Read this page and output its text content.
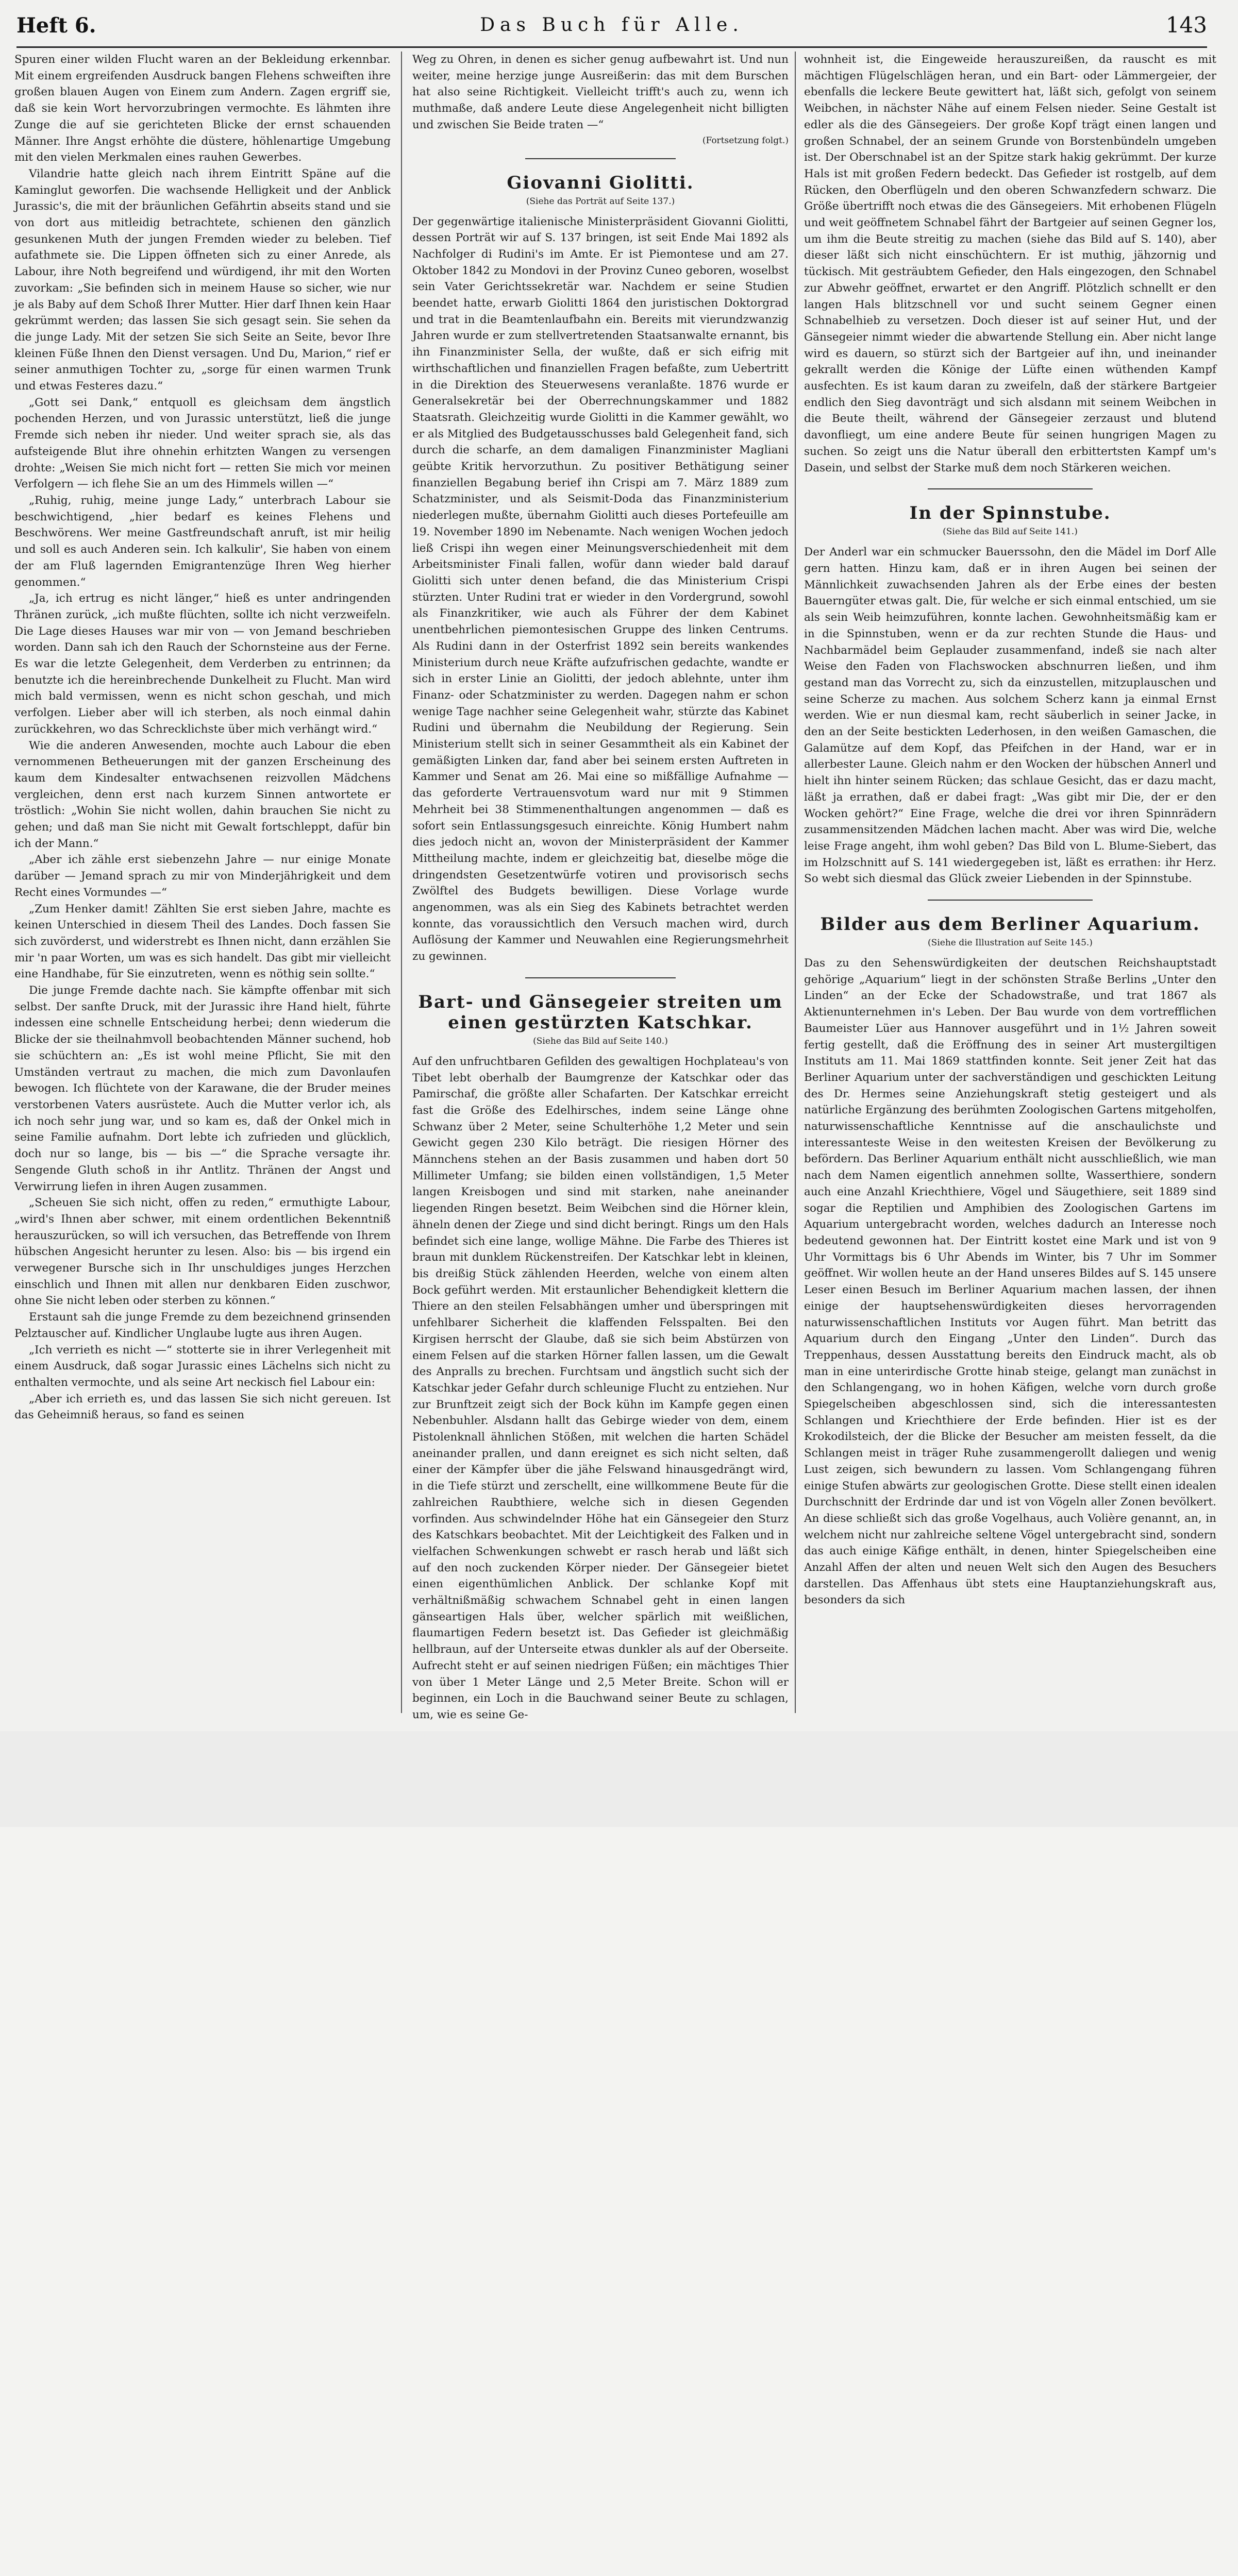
Heft 6.	Das Buch für Alle.	143

Spuren einer wilden Flucht waren an der Bekleidung erkennbar. Mit einem ergreifenden Ausdruck bangen Flehens schweiften ihre großen blauen Augen von Einem zum Andern. Zagen ergriff sie, daß sie kein Wort hervorzubringen vermochte. Es lähmten ihre Zunge die auf sie gerichteten Blicke der ernst schauenden Männer. Ihre Angst erhöhte die düstere, höhlenartige Umgebung mit den vielen Merkmalen eines rauhen Gewerbes.

Vilandrie hatte gleich nach ihrem Eintritt Späne auf die Kaminglut geworfen. Die wachsende Helligkeit und der Anblick Jurassic's, die mit der bräunlichen Gefährtin abseits stand und sie von dort aus mitleidig betrachtete, schienen den gänzlich gesunkenen Muth der jungen Fremden wieder zu beleben. Tief aufathmete sie. Die Lippen öffneten sich zu einer Anrede, als Labour, ihre Noth begreifend und würdigend, ihr mit den Worten zuvorkam: „Sie befinden sich in meinem Hause so sicher, wie nur je als Baby auf dem Schoß Ihrer Mutter. Hier darf Ihnen kein Haar gekrümmt werden; das lassen Sie sich gesagt sein. Sie sehen da die junge Lady. Mit der setzen Sie sich Seite an Seite, bevor Ihre kleinen Füße Ihnen den Dienst versagen. Und Du, Marion,“ rief er seiner anmuthigen Tochter zu, „sorge für einen warmen Trunk und etwas Festeres dazu.“

„Gott sei Dank,“ entquoll es gleichsam dem ängstlich pochenden Herzen, und von Jurassic unterstützt, ließ die junge Fremde sich neben ihr nieder. Und weiter sprach sie, als das aufsteigende Blut ihre ohnehin erhitzten Wangen zu versengen drohte: „Weisen Sie mich nicht fort — retten Sie mich vor meinen Verfolgern — ich flehe Sie an um des Himmels willen —“

„Ruhig, ruhig, meine junge Lady,“ unterbrach Labour sie beschwichtigend, „hier bedarf es keines Flehens und Beschwörens. Wer meine Gastfreundschaft anruft, ist mir heilig und soll es auch Anderen sein. Ich kalkulir', Sie haben von einem der am Fluß lagernden Emigrantenzüge Ihren Weg hierher genommen.“

„Ja, ich ertrug es nicht länger,“ hieß es unter andringenden Thränen zurück, „ich mußte flüchten, sollte ich nicht verzweifeln. Die Lage dieses Hauses war mir von — von Jemand beschrieben worden. Dann sah ich den Rauch der Schornsteine aus der Ferne. Es war die letzte Gelegenheit, dem Verderben zu entrinnen; da benutzte ich die hereinbrechende Dunkelheit zu Flucht. Man wird mich bald vermissen, wenn es nicht schon geschah, und mich verfolgen. Lieber aber will ich sterben, als noch einmal dahin zurückkehren, wo das Schrecklichste über mich verhängt wird.“

Wie die anderen Anwesenden, mochte auch Labour die eben vernommenen Betheuerungen mit der ganzen Erscheinung des kaum dem Kindesalter entwachsenen reizvollen Mädchens vergleichen, denn erst nach kurzem Sinnen antwortete er tröstlich: „Wohin Sie nicht wollen, dahin brauchen Sie nicht zu gehen; und daß man Sie nicht mit Gewalt fortschleppt, dafür bin ich der Mann.“

„Aber ich zähle erst siebenzehn Jahre — nur einige Monate darüber — Jemand sprach zu mir von Minderjährigkeit und dem Recht eines Vormundes —“

„Zum Henker damit! Zählten Sie erst sieben Jahre, machte es keinen Unterschied in diesem Theil des Landes. Doch fassen Sie sich zuvörderst, und widerstrebt es Ihnen nicht, dann erzählen Sie mir 'n paar Worten, um was es sich handelt. Das gibt mir vielleicht eine Handhabe, für Sie einzutreten, wenn es nöthig sein sollte.“

Die junge Fremde dachte nach. Sie kämpfte offenbar mit sich selbst. Der sanfte Druck, mit der Jurassic ihre Hand hielt, führte indessen eine schnelle Entscheidung herbei; denn wiederum die Blicke der sie theilnahmvoll beobachtenden Männer suchend, hob sie schüchtern an: „Es ist wohl meine Pflicht, Sie mit den Umständen vertraut zu machen, die mich zum Davonlaufen bewogen. Ich flüchtete von der Karawane, die der Bruder meines verstorbenen Vaters ausrüstete. Auch die Mutter verlor ich, als ich noch sehr jung war, und so kam es, daß der Onkel mich in seine Familie aufnahm. Dort lebte ich zufrieden und glücklich, doch nur so lange, bis — bis —“ die Sprache versagte ihr. Sengende Gluth schoß in ihr Antlitz. Thränen der Angst und Verwirrung liefen in ihren Augen zusammen.

„Scheuen Sie sich nicht, offen zu reden,“ ermuthigte Labour, „wird's Ihnen aber schwer, mit einem ordentlichen Bekenntniß herauszurücken, so will ich versuchen, das Betreffende von Ihrem hübschen Angesicht herunter zu lesen. Also: bis — bis irgend ein verwegener Bursche sich in Ihr unschuldiges junges Herzchen einschlich und Ihnen mit allen nur denkbaren Eiden zuschwor, ohne Sie nicht leben oder sterben zu können.“

Erstaunt sah die junge Fremde zu dem bezeichnend grinsenden Pelztauscher auf. Kindlicher Unglaube lugte aus ihren Augen.

„Ich verrieth es nicht —“ stotterte sie in ihrer Verlegenheit mit einem Ausdruck, daß sogar Jurassic eines Lächelns sich nicht zu enthalten vermochte, und als seine Art neckisch fiel Labour ein:

„Aber ich errieth es, und das lassen Sie sich nicht gereuen. Ist das Geheimniß heraus, so fand es seinen

Weg zu Ohren, in denen es sicher genug aufbewahrt ist. Und nun weiter, meine herzige junge Ausreißerin: das mit dem Burschen hat also seine Richtigkeit. Vielleicht trifft's auch zu, wenn ich muthmaße, daß andere Leute diese Angelegenheit nicht billigten und zwischen Sie Beide traten —“

(Fortsetzung folgt.)
Giovanni Giolitti.
(Siehe das Porträt auf Seite 137.)

Der gegenwärtige italienische Ministerpräsident Giovanni Giolitti, dessen Porträt wir auf S. 137 bringen, ist seit Ende Mai 1892 als Nachfolger di Rudini's im Amte. Er ist Piemontese und am 27. Oktober 1842 zu Mondovi in der Provinz Cuneo geboren, woselbst sein Vater Gerichtssekretär war. Nachdem er seine Studien beendet hatte, erwarb Giolitti 1864 den juristischen Doktorgrad und trat in die Beamtenlaufbahn ein. Bereits mit vierundzwanzig Jahren wurde er zum stellvertretenden Staatsanwalte ernannt, bis ihn Finanzminister Sella, der wußte, daß er sich eifrig mit wirthschaftlichen und finanziellen Fragen befaßte, zum Uebertritt in die Direktion des Steuerwesens veranlaßte. 1876 wurde er Generalsekretär bei der Oberrechnungskammer und 1882 Staatsrath. Gleichzeitig wurde Giolitti in die Kammer gewählt, wo er als Mitglied des Budgetausschusses bald Gelegenheit fand, sich durch die scharfe, an dem damaligen Finanzminister Magliani geübte Kritik hervorzuthun. Zu positiver Bethätigung seiner finanziellen Begabung berief ihn Crispi am 7. März 1889 zum Schatzminister, und als Seismit-Doda das Finanzministerium niederlegen mußte, übernahm Giolitti auch dieses Portefeuille am 19. November 1890 im Nebenamte. Nach wenigen Wochen jedoch ließ Crispi ihn wegen einer Meinungsverschiedenheit mit dem Arbeitsminister Finali fallen, wofür dann wieder bald darauf Giolitti sich unter denen befand, die das Ministerium Crispi stürzten. Unter Rudini trat er wieder in den Vordergrund, sowohl als Finanzkritiker, wie auch als Führer der dem Kabinet unentbehrlichen piemontesischen Gruppe des linken Centrums. Als Rudini dann in der Osterfrist 1892 sein bereits wankendes Ministerium durch neue Kräfte aufzufrischen gedachte, wandte er sich in erster Linie an Giolitti, der jedoch ablehnte, unter ihm Finanz- oder Schatzminister zu werden. Dagegen nahm er schon wenige Tage nachher seine Gelegenheit wahr, stürzte das Kabinet Rudini und übernahm die Neubildung der Regierung. Sein Ministerium stellt sich in seiner Gesammtheit als ein Kabinet der gemäßigten Linken dar, fand aber bei seinem ersten Auftreten in Kammer und Senat am 26. Mai eine so mißfällige Aufnahme — das geforderte Vertrauensvotum ward nur mit 9 Stimmen Mehrheit bei 38 Stimmenenthaltungen angenommen — daß es sofort sein Entlassungsgesuch einreichte. König Humbert nahm dies jedoch nicht an, wovon der Ministerpräsident der Kammer Mittheilung machte, indem er gleichzeitig bat, dieselbe möge die dringendsten Gesetzentwürfe votiren und provisorisch sechs Zwölftel des Budgets bewilligen. Diese Vorlage wurde angenommen, was als ein Sieg des Kabinets betrachtet werden konnte, das voraussichtlich den Versuch machen wird, durch Auflösung der Kammer und Neuwahlen eine Regierungsmehrheit zu gewinnen.

Bart- und Gänsegeier streiten um einen gestürzten Katschkar.
(Siehe das Bild auf Seite 140.)

Auf den unfruchtbaren Gefilden des gewaltigen Hochplateau's von Tibet lebt oberhalb der Baumgrenze der Katschkar oder das Pamirschaf, die größte aller Schafarten. Der Katschkar erreicht fast die Größe des Edelhirsches, indem seine Länge ohne Schwanz über 2 Meter, seine Schulterhöhe 1,2 Meter und sein Gewicht gegen 230 Kilo beträgt. Die riesigen Hörner des Männchens stehen an der Basis zusammen und haben dort 50 Millimeter Umfang; sie bilden einen vollständigen, 1,5 Meter langen Kreisbogen und sind mit starken, nahe aneinander liegenden Ringen besetzt. Beim Weibchen sind die Hörner klein, ähneln denen der Ziege und sind dicht beringt. Rings um den Hals befindet sich eine lange, wollige Mähne. Die Farbe des Thieres ist braun mit dunklem Rückenstreifen. Der Katschkar lebt in kleinen, bis dreißig Stück zählenden Heerden, welche von einem alten Bock geführt werden. Mit erstaunlicher Behendigkeit klettern die Thiere an den steilen Felsabhängen umher und überspringen mit unfehlbarer Sicherheit die klaffenden Felsspalten. Bei den Kirgisen herrscht der Glaube, daß sie sich beim Abstürzen von einem Felsen auf die starken Hörner fallen lassen, um die Gewalt des Anpralls zu brechen. Furchtsam und ängstlich sucht sich der Katschkar jeder Gefahr durch schleunige Flucht zu entziehen. Nur zur Brunftzeit zeigt sich der Bock kühn im Kampfe gegen einen Nebenbuhler. Alsdann hallt das Gebirge wieder von dem, einem Pistolenknall ähnlichen Stößen, mit welchen die harten Schädel aneinander prallen, und dann ereignet es sich nicht selten, daß einer der Kämpfer über die jähe Felswand hinausgedrängt wird, in die Tiefe stürzt und zerschellt, eine willkommene Beute für die zahlreichen Raubthiere, welche sich in diesen Gegenden vorfinden. Aus schwindelnder Höhe hat ein Gänsegeier den Sturz des Katschkars beobachtet. Mit der Leichtigkeit des Falken und in vielfachen Schwenkungen schwebt er rasch herab und läßt sich auf den noch zuckenden Körper nieder. Der Gänsegeier bietet einen eigenthümlichen Anblick. Der schlanke Kopf mit verhältnißmäßig schwachem Schnabel geht in einen langen gänseartigen Hals über, welcher spärlich mit weißlichen, flaumartigen Federn besetzt ist. Das Gefieder ist gleichmäßig hellbraun, auf der Unterseite etwas dunkler als auf der Oberseite. Aufrecht steht er auf seinen niedrigen Füßen; ein mächtiges Thier von über 1 Meter Länge und 2,5 Meter Breite. Schon will er beginnen, ein Loch in die Bauchwand seiner Beute zu schlagen, um, wie es seine Ge-

wohnheit ist, die Eingeweide herauszureißen, da rauscht es mit mächtigen Flügelschlägen heran, und ein Bart- oder Lämmergeier, der ebenfalls die leckere Beute gewittert hat, läßt sich, gefolgt von seinem Weibchen, in nächster Nähe auf einem Felsen nieder. Seine Gestalt ist edler als die des Gänsegeiers. Der große Kopf trägt einen langen und großen Schnabel, der an seinem Grunde von Borstenbündeln umgeben ist. Der Oberschnabel ist an der Spitze stark hakig gekrümmt. Der kurze Hals ist mit großen Federn bedeckt. Das Gefieder ist rostgelb, auf dem Rücken, den Oberflügeln und den oberen Schwanzfedern schwarz. Die Größe übertrifft noch etwas die des Gänsegeiers. Mit erhobenen Flügeln und weit geöffnetem Schnabel fährt der Bartgeier auf seinen Gegner los, um ihm die Beute streitig zu machen (siehe das Bild auf S. 140), aber dieser läßt sich nicht einschüchtern. Er ist muthig, jähzornig und tückisch. Mit gesträubtem Gefieder, den Hals eingezogen, den Schnabel zur Abwehr geöffnet, erwartet er den Angriff. Plötzlich schnellt er den langen Hals blitzschnell vor und sucht seinem Gegner einen Schnabelhieb zu versetzen. Doch dieser ist auf seiner Hut, und der Gänsegeier nimmt wieder die abwartende Stellung ein. Aber nicht lange wird es dauern, so stürzt sich der Bartgeier auf ihn, und ineinander gekrallt werden die Könige der Lüfte einen wüthenden Kampf ausfechten. Es ist kaum daran zu zweifeln, daß der stärkere Bartgeier endlich den Sieg davonträgt und sich alsdann mit seinem Weibchen in die Beute theilt, während der Gänsegeier zerzaust und blutend davonfliegt, um eine andere Beute für seinen hungrigen Magen zu suchen. So zeigt uns die Natur überall den erbittertsten Kampf um's Dasein, und selbst der Starke muß dem noch Stärkeren weichen.

In der Spinnstube.
(Siehe das Bild auf Seite 141.)

Der Anderl war ein schmucker Bauerssohn, den die Mädel im Dorf Alle gern hatten. Hinzu kam, daß er in ihren Augen bei seinen der Männlichkeit zuwachsenden Jahren als der Erbe eines der besten Bauerngüter etwas galt. Die, für welche er sich einmal entschied, um sie als sein Weib heimzuführen, konnte lachen. Gewohnheitsmäßig kam er in die Spinnstuben, wenn er da zur rechten Stunde die Haus- und Nachbarmädel beim Geplauder zusammenfand, indeß sie nach alter Weise den Faden von Flachswocken abschnurren ließen, und ihm gestand man das Vorrecht zu, sich da einzustellen, mitzuplauschen und seine Scherze zu machen. Aus solchem Scherz kann ja einmal Ernst werden. Wie er nun diesmal kam, recht säuberlich in seiner Jacke, in den an der Seite bestickten Lederhosen, in den weißen Gamaschen, die Galamütze auf dem Kopf, das Pfeifchen in der Hand, war er in allerbester Laune. Gleich nahm er den Wocken der hübschen Annerl und hielt ihn hinter seinem Rücken; das schlaue Gesicht, das er dazu macht, läßt ja errathen, daß er dabei fragt: „Was gibt mir Die, der er den Wocken gehört?“ Eine Frage, welche die drei vor ihren Spinnrädern zusammensitzenden Mädchen lachen macht. Aber was wird Die, welche leise Frage angeht, ihm wohl geben? Das Bild von L. Blume-Siebert, das im Holzschnitt auf S. 141 wiedergegeben ist, läßt es errathen: ihr Herz. So webt sich diesmal das Glück zweier Liebenden in der Spinnstube.

Bilder aus dem Berliner Aquarium.
(Siehe die Illustration auf Seite 145.)

Das zu den Sehenswürdigkeiten der deutschen Reichshauptstadt gehörige „Aquarium“ liegt in der schönsten Straße Berlins „Unter den Linden“ an der Ecke der Schadowstraße, und trat 1867 als Aktienunternehmen in's Leben. Der Bau wurde von dem vortrefflichen Baumeister Lüer aus Hannover ausgeführt und in 1½ Jahren soweit fertig gestellt, daß die Eröffnung des in seiner Art mustergiltigen Instituts am 11. Mai 1869 stattfinden konnte. Seit jener Zeit hat das Berliner Aquarium unter der sachverständigen und geschickten Leitung des Dr. Hermes seine Anziehungskraft stetig gesteigert und als natürliche Ergänzung des berühmten Zoologischen Gartens mitgeholfen, naturwissenschaftliche Kenntnisse auf die anschaulichste und interessanteste Weise in den weitesten Kreisen der Bevölkerung zu befördern. Das Berliner Aquarium enthält nicht ausschließlich, wie man nach dem Namen eigentlich annehmen sollte, Wasserthiere, sondern auch eine Anzahl Kriechthiere, Vögel und Säugethiere, seit 1889 sind sogar die Reptilien und Amphibien des Zoologischen Gartens im Aquarium untergebracht worden, welches dadurch an Interesse noch bedeutend gewonnen hat. Der Eintritt kostet eine Mark und ist von 9 Uhr Vormittags bis 6 Uhr Abends im Winter, bis 7 Uhr im Sommer geöffnet. Wir wollen heute an der Hand unseres Bildes auf S. 145 unsere Leser einen Besuch im Berliner Aquarium machen lassen, der ihnen einige der hauptsehenswürdigkeiten dieses hervorragenden naturwissenschaftlichen Instituts vor Augen führt. Man betritt das Aquarium durch den Eingang „Unter den Linden“. Durch das Treppenhaus, dessen Ausstattung bereits den Eindruck macht, als ob man in eine unterirdische Grotte hinab steige, gelangt man zunächst in den Schlangengang, wo in hohen Käfigen, welche vorn durch große Spiegelscheiben abgeschlossen sind, sich die interessantesten Schlangen und Kriechthiere der Erde befinden. Hier ist es der Krokodilsteich, der die Blicke der Besucher am meisten fesselt, da die Schlangen meist in träger Ruhe zusammengerollt daliegen und wenig Lust zeigen, sich bewundern zu lassen. Vom Schlangengang führen einige Stufen abwärts zur geologischen Grotte. Diese stellt einen idealen Durchschnitt der Erdrinde dar und ist von Vögeln aller Zonen bevölkert. An diese schließt sich das große Vogelhaus, auch Volière genannt, an, in welchem nicht nur zahlreiche seltene Vögel untergebracht sind, sondern das auch einige Käfige enthält, in denen, hinter Spiegelscheiben eine Anzahl Affen der alten und neuen Welt sich den Augen des Besuchers darstellen. Das Affenhaus übt stets eine Hauptanziehungskraft aus, besonders da sich
